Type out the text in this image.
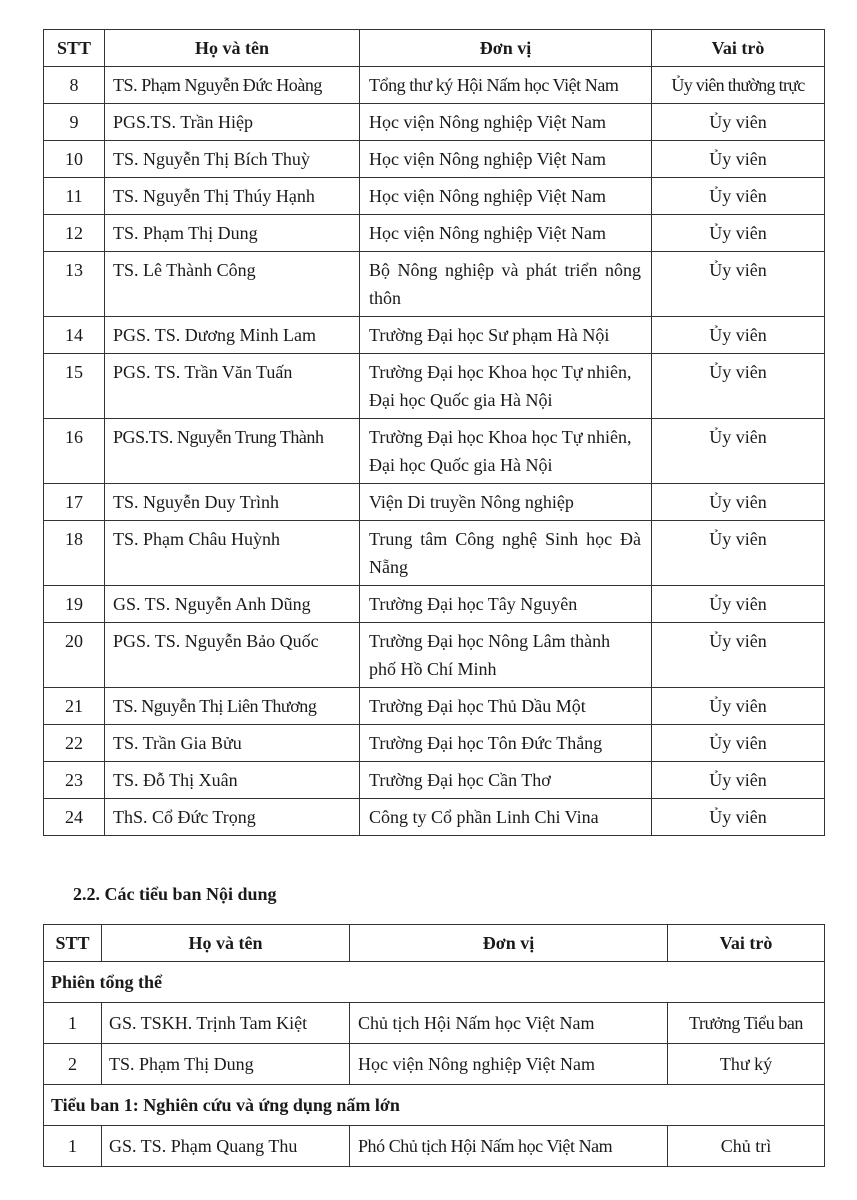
STT	Họ và tên	Đơn vị	Vai trò
8	TS. Phạm Nguyễn Đức Hoàng	Tổng thư ký Hội Nấm học Việt Nam	Ủy viên thường trực
9	PGS.TS. Trần Hiệp	Học viện Nông nghiệp Việt Nam	Ủy viên
10	TS. Nguyễn Thị Bích Thuỳ	Học viện Nông nghiệp Việt Nam	Ủy viên
11	TS. Nguyễn Thị Thúy Hạnh	Học viện Nông nghiệp Việt Nam	Ủy viên
12	TS. Phạm Thị Dung	Học viện Nông nghiệp Việt Nam	Ủy viên
13	TS. Lê Thành Công	Bộ Nông nghiệp và phát triển nông thôn	Ủy viên
14	PGS. TS. Dương Minh Lam	Trường Đại học Sư phạm Hà Nội	Ủy viên
15	PGS. TS. Trần Văn Tuấn	Trường Đại học Khoa học Tự nhiên, Đại học Quốc gia Hà Nội	Ủy viên
16	PGS.TS. Nguyễn Trung Thành	Trường Đại học Khoa học Tự nhiên, Đại học Quốc gia Hà Nội	Ủy viên
17	TS. Nguyễn Duy Trình	Viện Di truyền Nông nghiệp	Ủy viên
18	TS. Phạm Châu Huỳnh	Trung tâm Công nghệ Sinh học Đà Nẵng	Ủy viên
19	GS. TS. Nguyễn Anh Dũng	Trường Đại học Tây Nguyên	Ủy viên
20	PGS. TS. Nguyễn Bảo Quốc	Trường Đại học Nông Lâm thành phố Hồ Chí Minh	Ủy viên
21	TS. Nguyễn Thị Liên Thương	Trường Đại học Thủ Dầu Một	Ủy viên
22	TS. Trần Gia Bửu	Trường Đại học Tôn Đức Thắng	Ủy viên
23	TS. Đỗ Thị Xuân	Trường Đại học Cần Thơ	Ủy viên
24	ThS. Cổ Đức Trọng	Công ty Cổ phần Linh Chi Vina	Ủy viên
2.2. Các tiểu ban Nội dung
STT	Họ và tên	Đơn vị	Vai trò
Phiên tổng thể			
1	GS. TSKH. Trịnh Tam Kiệt	Chủ tịch Hội Nấm học Việt Nam	Trưởng Tiểu ban
2	TS. Phạm Thị Dung	Học viện Nông nghiệp Việt Nam	Thư ký
Tiểu ban 1: Nghiên cứu và ứng dụng nấm lớn			
1	GS. TS. Phạm Quang Thu	Phó Chủ tịch Hội Nấm học Việt Nam	Chủ trì
